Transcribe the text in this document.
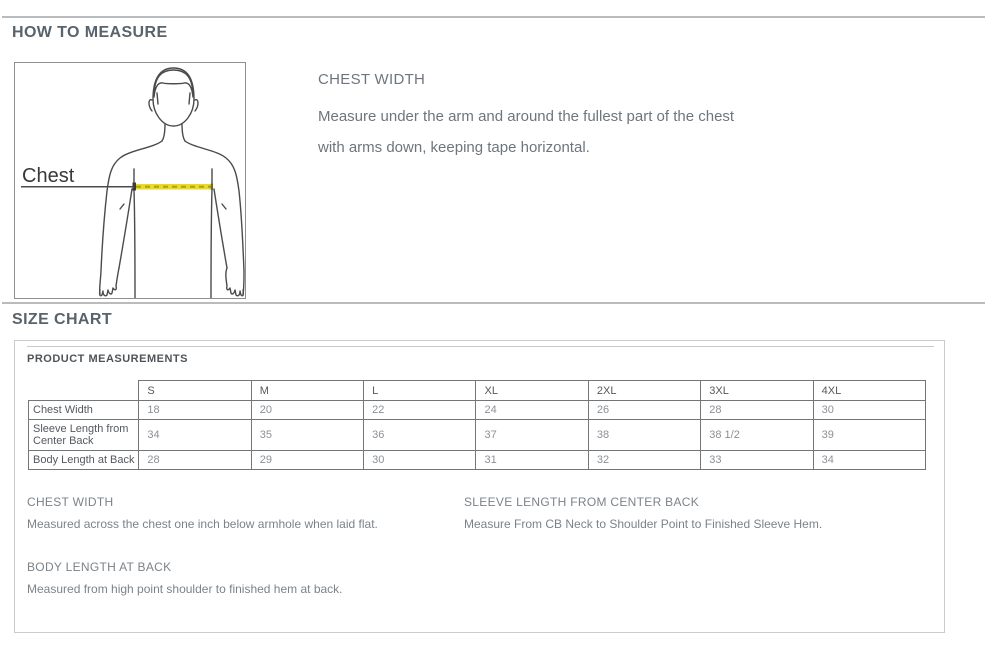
HOW TO MEASURE
Chest
CHEST WIDTH

Measure under the arm and around the fullest part of the chest
with arms down, keeping tape horizontal.

SIZE CHART
PRODUCT MEASUREMENTS
	S	M	L	XL	2XL	3XL	4XL
Chest Width	18	20	22	24	26	28	30
Sleeve Length from Center Back	34	35	36	37	38	38 1/2	39
Body Length at Back	28	29	30	31	32	33	34
CHEST WIDTH
Measured across the chest one inch below armhole when laid flat.
SLEEVE LENGTH FROM CENTER BACK
Measure From CB Neck to Shoulder Point to Finished Sleeve Hem.
BODY LENGTH AT BACK
Measured from high point shoulder to finished hem at back.
